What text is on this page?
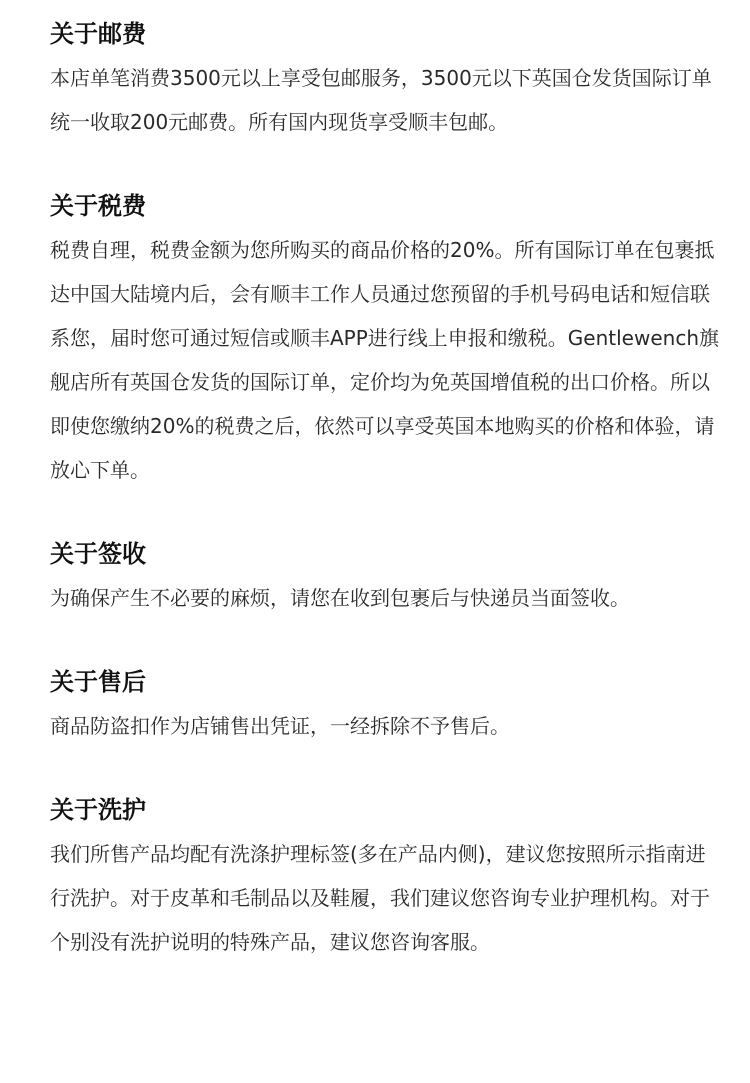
关于邮费

本店单笔消费3500元以上享受包邮服务，3500元以下英国仓发货国际订单统一收取200元邮费。所有国内现货享受顺丰包邮。

关于税费

税费自理，税费金额为您所购买的商品价格的20%。所有国际订单在包裹抵达中国大陆境内后，会有顺丰工作人员通过您预留的手机号码电话和短信联系您，届时您可通过短信或顺丰APP进行线上申报和缴税。Gentlewench旗舰店所有英国仓发货的国际订单，定价均为免英国增值税的出口价格。所以即使您缴纳20%的税费之后，依然可以享受英国本地购买的价格和体验，请放心下单。

关于签收

为确保产生不必要的麻烦，请您在收到包裹后与快递员当面签收。

关于售后

商品防盗扣作为店铺售出凭证，一经拆除不予售后。

关于洗护

我们所售产品均配有洗涤护理标签(多在产品内侧)，建议您按照所示指南进行洗护。对于皮革和毛制品以及鞋履，我们建议您咨询专业护理机构。对于个别没有洗护说明的特殊产品，建议您咨询客服。
